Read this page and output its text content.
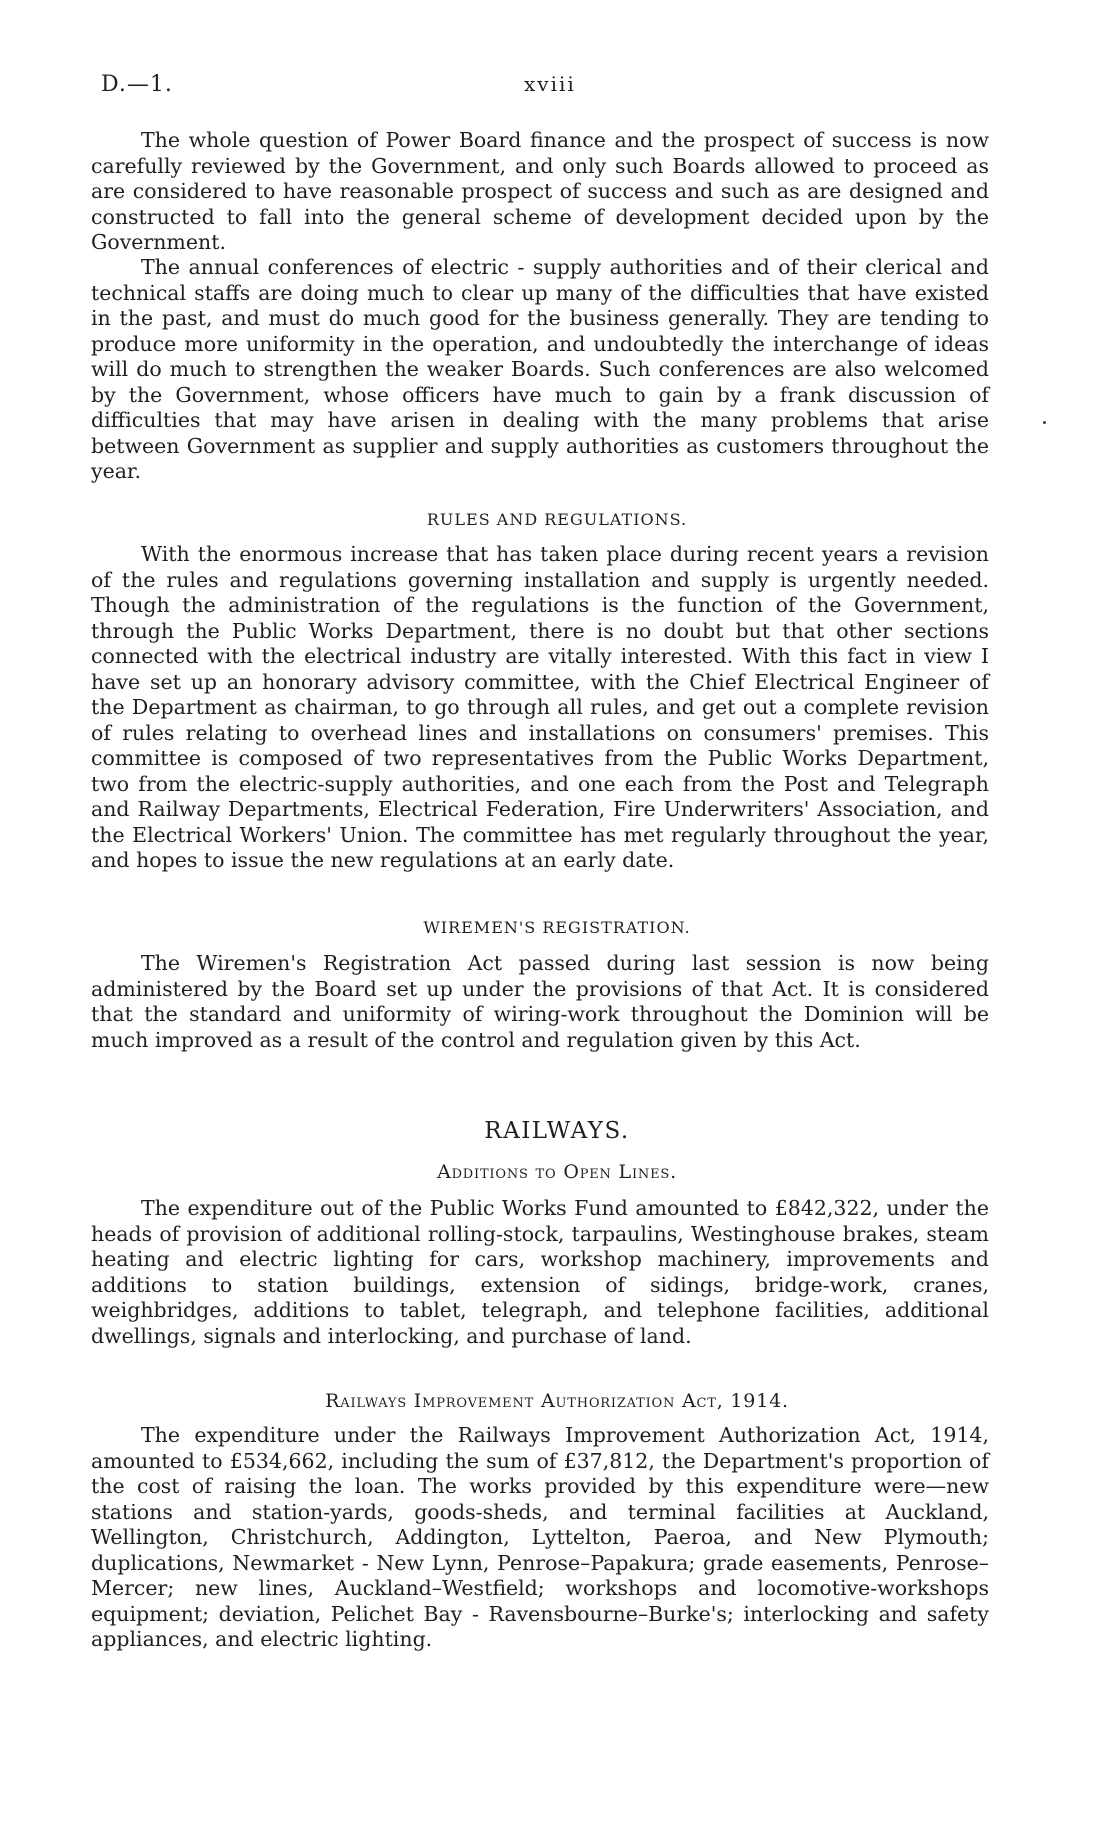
D.—1.	xviii

The whole question of Power Board finance and the prospect of success is now carefully reviewed by the Government, and only such Boards allowed to proceed as are considered to have reasonable prospect of success and such as are designed and constructed to fall into the general scheme of development decided upon by the Government.

The annual conferences of electric - supply authorities and of their clerical and technical staffs are doing much to clear up many of the difficulties that have existed in the past, and must do much good for the business generally. They are tending to produce more uniformity in the operation, and undoubtedly the interchange of ideas will do much to strengthen the weaker Boards. Such conferences are also welcomed by the Government, whose officers have much to gain by a frank discussion of difficulties that may have arisen in dealing with the many problems that arise between Government as supplier and supply authorities as customers throughout the year.

RULES AND REGULATIONS.

With the enormous increase that has taken place during recent years a revision of the rules and regulations governing installation and supply is urgently needed. Though the administration of the regulations is the function of the Government, through the Public Works Department, there is no doubt but that other sections connected with the electrical industry are vitally interested. With this fact in view I have set up an honorary advisory committee, with the Chief Electrical Engineer of the Department as chairman, to go through all rules, and get out a complete revision of rules relating to overhead lines and installations on consumers' premises. This committee is composed of two representatives from the Public Works Department, two from the electric-supply authorities, and one each from the Post and Telegraph and Railway Departments, Electrical Federation, Fire Underwriters' Association, and the Electrical Workers' Union. The committee has met regularly throughout the year, and hopes to issue the new regulations at an early date.

WIREMEN'S REGISTRATION.

The Wiremen's Registration Act passed during last session is now being administered by the Board set up under the provisions of that Act. It is considered that the standard and uniformity of wiring-work throughout the Dominion will be much improved as a result of the control and regulation given by this Act.

RAILWAYS.
Additions to Open Lines.

The expenditure out of the Public Works Fund amounted to £842,322, under the heads of provision of additional rolling-stock, tarpaulins, Westinghouse brakes, steam heating and electric lighting for cars, workshop machinery, improvements and additions to station buildings, extension of sidings, bridge-work, cranes, weighbridges, additions to tablet, telegraph, and telephone facilities, additional dwellings, signals and interlocking, and purchase of land.

Railways Improvement Authorization Act, 1914.

The expenditure under the Railways Improvement Authorization Act, 1914, amounted to £534,662, including the sum of £37,812, the Department's proportion of the cost of raising the loan. The works provided by this expenditure were—new stations and station-yards, goods-sheds, and terminal facilities at Auckland, Wellington, Christchurch, Addington, Lyttelton, Paeroa, and New Plymouth; duplications, Newmarket - New Lynn, Penrose–Papakura; grade easements, Penrose–Mercer; new lines, Auckland–Westfield; workshops and locomotive-workshops equipment; deviation, Pelichet Bay - Ravensbourne–Burke's; interlocking and safety appliances, and electric lighting.
